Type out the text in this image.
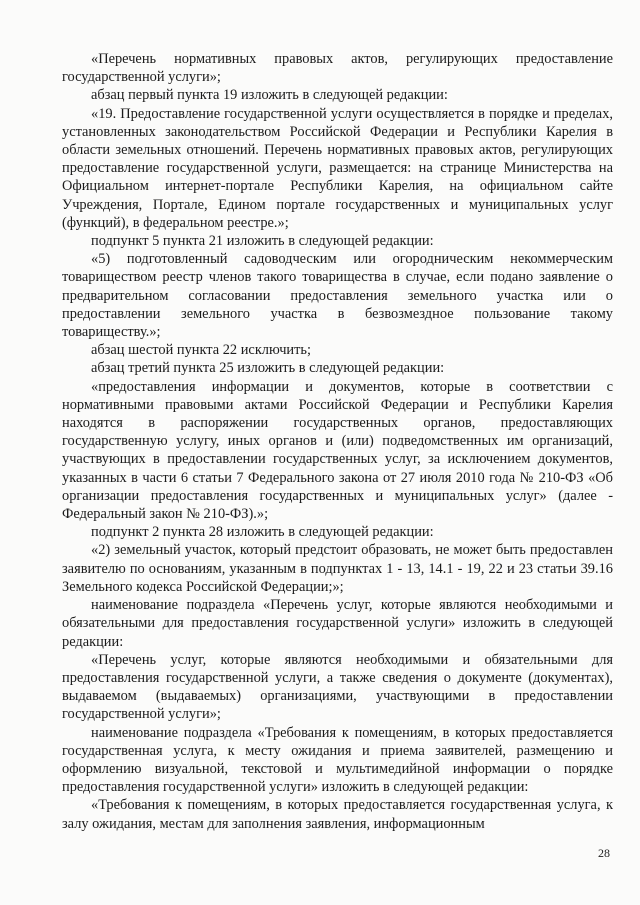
«Перечень нормативных правовых актов, регулирующих предоставление государственной услуги»;

абзац первый пункта 19 изложить в следующей редакции:

«19. Предоставление государственной услуги осуществляется в порядке и пределах, установленных законодательством Российской Федерации и Республики Карелия в области земельных отношений. Перечень нормативных правовых актов, регулирующих предоставление государственной услуги, размещается: на странице Министерства на Официальном интернет-портале Республики Карелия, на официальном сайте Учреждения, Портале, Едином портале государственных и муниципальных услуг (функций), в федеральном реестре.»;

подпункт 5 пункта 21 изложить в следующей редакции:

«5) подготовленный садоводческим или огородническим некоммерческим товариществом реестр членов такого товарищества в случае, если подано заявление о предварительном согласовании предоставления земельного участка или о предоставлении земельного участка в безвозмездное пользование такому товариществу.»;

абзац шестой пункта 22 исключить;

абзац третий пункта 25 изложить в следующей редакции:

«предоставления информации и документов, которые в соответствии с нормативными правовыми актами Российской Федерации и Республики Карелия находятся в распоряжении государственных органов, предоставляющих государственную услугу, иных органов и (или) подведомственных им организаций, участвующих в предоставлении государственных услуг, за исключением документов, указанных в части 6 статьи 7 Федерального закона от 27 июля 2010 года № 210-ФЗ «Об организации предоставления государственных и муниципальных услуг» (далее - Федеральный закон № 210-ФЗ).»;

подпункт 2 пункта 28 изложить в следующей редакции:

«2) земельный участок, который предстоит образовать, не может быть предоставлен заявителю по основаниям, указанным в подпунктах 1 - 13, 14.1 - 19, 22 и 23 статьи 39.16 Земельного кодекса Российской Федерации;»;

наименование подраздела «Перечень услуг, которые являются необходимыми и обязательными для предоставления государственной услуги» изложить в следующей редакции:

«Перечень услуг, которые являются необходимыми и обязательными для предоставления государственной услуги, а также сведения о документе (документах), выдаваемом (выдаваемых) организациями, участвующими в предоставлении государственной услуги»;

наименование подраздела «Требования к помещениям, в которых предоставляется государственная услуга, к месту ожидания и приема заявителей, размещению и оформлению визуальной, текстовой и мультимедийной информации о порядке предоставления государственной услуги» изложить в следующей редакции:

«Требования к помещениям, в которых предоставляется государственная услуга, к залу ожидания, местам для заполнения заявления, информационным

28
